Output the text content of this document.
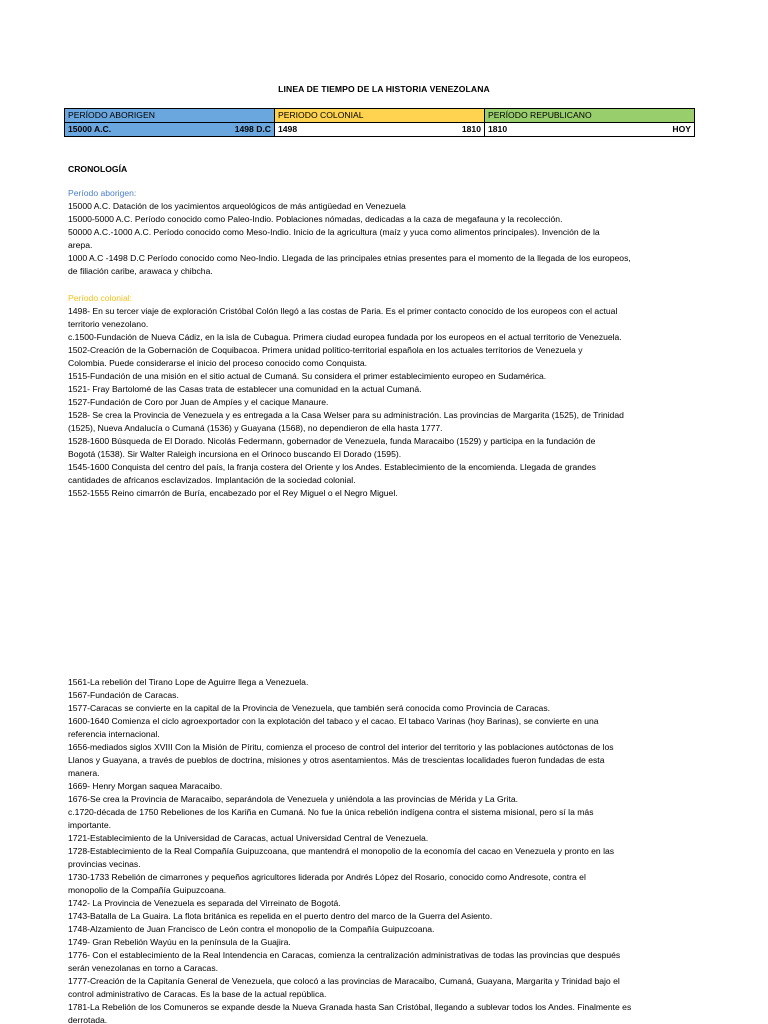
LINEA DE TIEMPO DE LA HISTORIA VENEZOLANA
PERÍODO ABORIGEN	PERIODO COLONIAL	PERÍODO REPUBLICANO

15000 A.C. 1498 D.C	1498 1810	1810 HOY
CRONOLOGÍA
Período aborigen:
15000 A.C. Datación de los yacimientos arqueológicos de más antigüedad en Venezuela
15000-5000 A.C. Período conocido como Paleo-Indio. Poblaciones nómadas, dedicadas a la caza de megafauna y la recolección.
50000 A.C.-1000 A.C. Período conocido como Meso-Indio. Inicio de la agricultura (maíz y yuca como alimentos principales). Invención de la
arepa.
1000 A.C -1498 D.C Período conocido como Neo-Indio. Llegada de las principales etnias presentes para el momento de la llegada de los europeos,
de filiación caribe, arawaca y chibcha.
Período colonial:
1498- En su tercer viaje de exploración Cristóbal Colón llegó a las costas de Paria. Es el primer contacto conocido de los europeos con el actual
territorio venezolano.
c.1500-Fundación de Nueva Cádiz, en la isla de Cubagua. Primera ciudad europea fundada por los europeos en el actual territorio de Venezuela.
1502-Creación de la Gobernación de Coquibacoa. Primera unidad político-territorial española en los actuales territorios de Venezuela y
Colombia. Puede considerarse el inicio del proceso conocido como Conquista.
1515-Fundación de una misión en el sitio actual de Cumaná. Su considera el primer establecimiento europeo en Sudamérica.
1521- Fray Bartolomé de las Casas trata de establecer una comunidad en la actual Cumaná.
1527-Fundación de Coro por Juan de Ampíes y el cacique Manaure.
1528- Se crea la Provincia de Venezuela y es entregada a la Casa Welser para su administración. Las provincias de Margarita (1525), de Trinidad
(1525), Nueva Andalucía o Cumaná (1536) y Guayana (1568), no dependieron de ella hasta 1777.
1528-1600 Búsqueda de El Dorado. Nicolás Federmann, gobernador de Venezuela, funda Maracaibo (1529) y participa en la fundación de
Bogotá (1538). Sir Walter Raleigh incursiona en el Orinoco buscando El Dorado (1595).
1545-1600 Conquista del centro del país, la franja costera del Oriente y los Andes. Establecimiento de la encomienda. Llegada de grandes
cantidades de africanos esclavizados. Implantación de la sociedad colonial.
1552-1555 Reino cimarrón de Buría, encabezado por el Rey Miguel o el Negro Miguel.
1561-La rebelión del Tirano Lope de Aguirre llega a Venezuela.
1567-Fundación de Caracas.
1577-Caracas se convierte en la capital de la Provincia de Venezuela, que también será conocida como Provincia de Caracas.
1600-1640 Comienza el ciclo agroexportador con la explotación del tabaco y el cacao. El tabaco Varinas (hoy Barinas), se convierte en una
referencia internacional.
1656-mediados siglos XVIII Con la Misión de Píritu, comienza el proceso de control del interior del territorio y las poblaciones autóctonas de los
Llanos y Guayana, a través de pueblos de doctrina, misiones y otros asentamientos. Más de trescientas localidades fueron fundadas de esta
manera.
1669- Henry Morgan saquea Maracaibo.
1676-Se crea la Provincia de Maracaibo, separándola de Venezuela y uniéndola a las provincias de Mérida y La Grita.
c.1720-década de 1750 Rebeliones de los Kariña en Cumaná. No fue la única rebelión indígena contra el sistema misional, pero sí la más
importante.
1721-Establecimiento de la Universidad de Caracas, actual Universidad Central de Venezuela.
1728-Establecimiento de la Real Compañía Guipuzcoana, que mantendrá el monopolio de la economía del cacao en Venezuela y pronto en las
provincias vecinas.
1730-1733 Rebelión de cimarrones y pequeños agricultores liderada por Andrés López del Rosario, conocido como Andresote, contra el
monopolio de la Compañía Guipuzcoana.
1742- La Provincia de Venezuela es separada del Virreinato de Bogotá.
1743-Batalla de La Guaira. La flota británica es repelida en el puerto dentro del marco de la Guerra del Asiento.
1748-Alzamiento de Juan Francisco de León contra el monopolio de la Compañía Guipuzcoana.
1749- Gran Rebelión Wayúu en la península de la Guajira.
1776- Con el establecimiento de la Real Intendencia en Caracas, comienza la centralización administrativas de todas las provincias que después
serán venezolanas en torno a Caracas.
1777-Creación de la Capitanía General de Venezuela, que colocó a las provincias de Maracaibo, Cumaná, Guayana, Margarita y Trinidad bajo el
control administrativo de Caracas. Es la base de la actual república.
1781-La Rebelión de los Comuneros se expande desde la Nueva Granada hasta San Cristóbal, llegando a sublevar todos los Andes. Finalmente es
derrotada.
